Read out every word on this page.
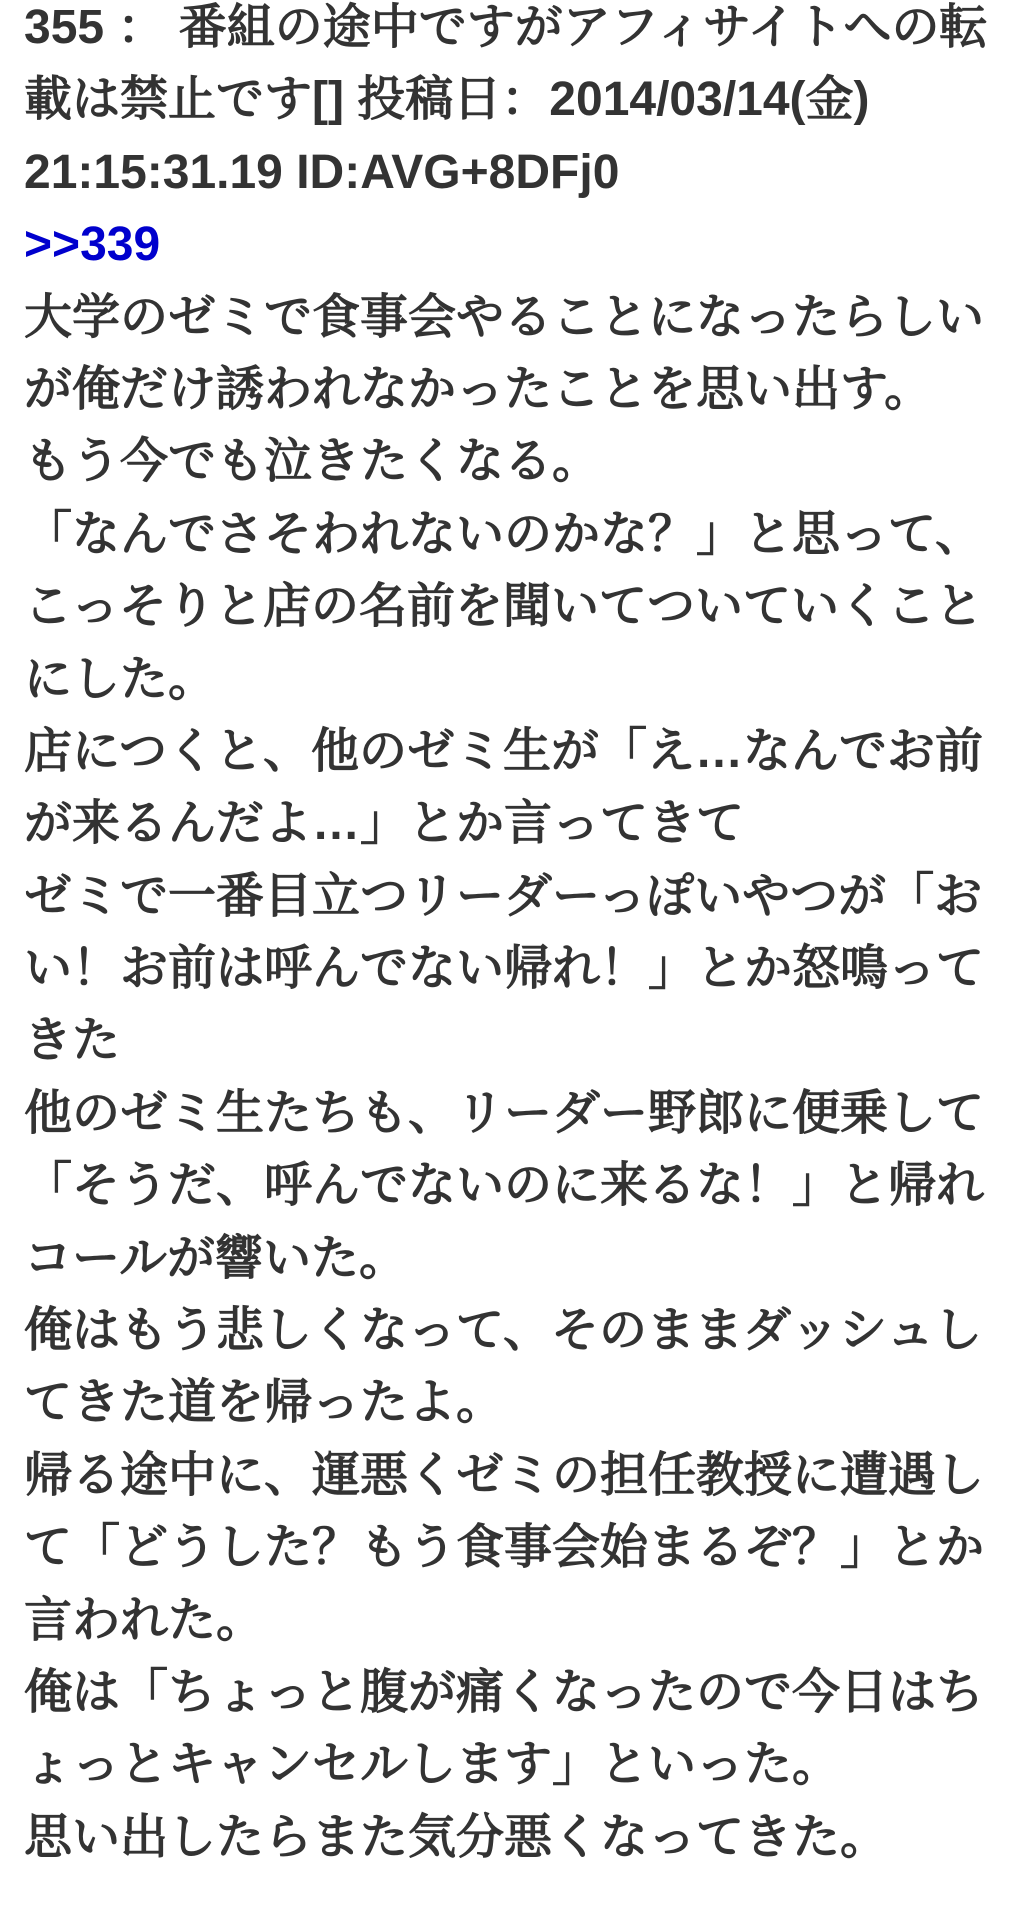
355 ： 番組の途中ですがアフィサイトへの転
載は禁止です[] 投稿日：2014/03/14(金)
21:15:31.19 ID:AVG+8DFj0
>>339
大学のゼミで食事会やることになったらしい
が俺だけ誘われなかったことを思い出す。
もう今でも泣きたくなる。
「なんでさそわれないのかな？」と思って、
こっそりと店の名前を聞いてついていくこと
にした。
店につくと、他のゼミ生が「え…なんでお前
が来るんだよ…」とか言ってきて
ゼミで一番目立つリーダーっぽいやつが「お
い！お前は呼んでない帰れ！」とか怒鳴って
きた
他のゼミ生たちも、リーダー野郎に便乗して
「そうだ、呼んでないのに来るな！」と帰れ
コールが響いた。
俺はもう悲しくなって、そのままダッシュし
てきた道を帰ったよ。
帰る途中に、運悪くゼミの担任教授に遭遇し
て「どうした？もう食事会始まるぞ？」とか
言われた。
俺は「ちょっと腹が痛くなったので今日はち
ょっとキャンセルします」といった。
思い出したらまた気分悪くなってきた。
